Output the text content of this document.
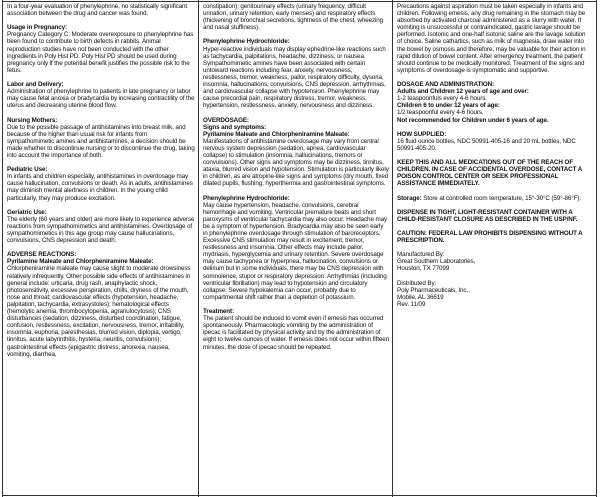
In a four-year evaluation of phenylephrine, no statistically significant association between the drug and cancer was found.

Usage in Pregnancy:

Pregnancy Category C: Moderate overexposure to phenylephrine has been found to contribute to birth defects in rabbits. Animal reproduction studies have not been conducted with the other ingredients in Poly Hist PD. Poly Hist PD should be used during pregnancy only if the potential benefit justifies the possible risk to the fetus.

Labor and Delivery:

Administration of phenylephrine to patients in late pregnancy or labor may cause fetal anoxia or bradycardia by increasing contractility of the uterus and decreasing uterine blood flow.

Nursing Mothers:

Due to the possible passage of antihistamines into breast milk, and because of the higher than usual risk for infants from sympathomimetic amines and antihistamines, a decision should be made whether to discontinue nursing or to discontinue the drug, taking into account the importance of both.

Pediatric Use:

In infants and children especially, antihistamines in overdosage may cause hallucination, convulsions or death. As in adults, antihistamines may diminish mental alertness in children. In the young child particularly, they may produce excitation.

Geriatric Use:

The elderly (60 years and older) are more likely to experience adverse reactions from sympathomimetics and antihistamines. Overdosage of sympathomimetics in this age group may cause hallucinations, convulsions, CNS depression and death.

ADVERSE REACTIONS:
Pyrilamine Maleate and Chlorpheniramine Maleate:

Chlorpheniramine maleate may cause slight to moderate drowsiness relatively infrequently. Other possible side effects of antihistamines in general include: urticaria, drug rash, anaphylactic shock, photosensitivity, excessive perspiration, chills, dryness of the mouth, nose and throat; cardiovascular effects (hypotension, headache, palpitation, tachycardia, extrasystoles); hematological effects (hemolytic anemia, thrombocytopenia, agranulocytosis); CNS disturbances (sedation, dizziness, disturbed coordination, fatigue, confusion, restlessness, excitation, nervousness, tremor, irritability, insomnia, euphoria, paresthesias, blurred vision, diplopia, vertigo, tinnitus, acute labyrinthitis, hysteria, neuritis, convulsions); gastrointestinal effects (epigastric distress, anorexia, nausea, vomiting, diarrhea,

constipation); genitourinary effects (urinary frequency, difficult urination, urinary retention, early menses) and respiratory effects (thickening of bronchial secretions, tightness of the chest, wheezing and nasal stuffiness).

Phenylephrine Hydrochloride:

Hyper-reactive individuals may display ephedrine-like reactions such as tachycardia, palpitations, headache, dizziness, or nausea. Sympathomimetic amines have been associated with certain untoward reactions including fear, anxiety, nervousness, restlessness, tremor, weakness, pallor, respiratory difficulty, dysuria, insomnia, hallucinations, convulsions, CNS depression, arrhythmias, and cardiovascular collapse with hypotension. Phenylephrine may cause precordial pain, respiratory distress, tremor, weakness, hypertension, restlessness, anxiety, nervousness and dizziness.

OVERDOSAGE:
Signs and symptoms:
Pyrilamine Maleate and Chlorpheniramine Maleate:

Manifestations of antihistamine overdosage may vary from central nervous system depression (sedation, apnea, cardiovascular collapse) to stimulation (insomnia, hallucinations, tremors or convulsions). Other signs and symptoms may be dizziness, tinnitus, ataxia, blurred vision and hypotension. Stimulation is particularly likely in children, as are atropine-like signs and symptoms (dry mouth, fixed dilated pupils, flushing, hyperthermia and gastrointestinal symptoms.

Phenylephrine Hydrochloride:

May cause hypertension, headache, convulsions, cerebral hemorrhage and vomiting. Ventricular premature beats and short paroxysms of ventricular tachycardia may also occur. Headache may be a symptom of hypertension. Bradycardia may also be seen early in phenylephrine overdosage through stimulation of baroreceptors. Excessive CNS stimulation may result in excitement, tremor, restlessness and insomnia. Other effects may include pallor, mydriasis, hyperglycemia and urinary retention. Severe overdosage may cause tachypnea or hyperpnea, hallucination, convulsions or delirium but in some individuals, there may be CNS depression with somnolence, stupor or respiratory depression. Arrhythmias (including ventricular fibrillation) may lead to hypotension and circulatory collapse. Severe hypokalemia can occur, probably due to compartmental shift rather than a depletion of potassium.

Treatment:

The patient should be induced to vomit even if emesis has occurred spontaneously. Pharmacologic vomiting by the administration of ipecac is facilitated by physical activity and by the administration of eight to twelve ounces of water. If emesis does not occur within fifteen minutes, the dose of ipecac should be repeated.

Precautions against aspiration must be taken especially in infants and children. Following emesis, any drug remaining in the stomach may be absorbed by activated charcoal administered as a slurry with water. If vomiting is unsuccessful or contraindicated, gastric lavage should be performed. Isotonic and one-half isotonic saline are the lavage solution of choice. Saline cathartics, such as milk of magnesia, draw water into the bowel by osmosis and therefore, may be valuable for their action in rapid dilution of bowel content. After emergency treatment, the patient should continue to be medically monitored. Treatment of the signs and symptoms of overdosage is symptomatic and supportive.

DOSAGE AND ADMINISTRATION:
Adults and Children 12 years of age and over:
1-2 teaspoonfuls every 4-6 hours.
Children 6 to under 12 years of age:
1/2 teaspoonful every 4-6 hours.

Not recommended for Children under 6 years of age.

HOW SUPPLIED:

16 fluid ounce bottles, NDC 50991-405-16 and 20 mL bottles, NDC 50991-405-20.

KEEP THIS AND ALL MEDICATIONS OUT OF THE REACH OF CHILDREN. IN CASE OF ACCIDENTAL OVERDOSE, CONTACT A POISON CONTROL CENTER OR SEEK PROFESSIONAL ASSISTANCE IMMEDIATELY.

Storage: Store at controlled room temperature, 15°-30°C (59°-86°F).

DISPENSE IN TIGHT, LIGHT-RESISTANT CONTAINER WITH A CHILD-RESISTANT CLOSURE AS DESCRIBED IN THE USP/NF.

CAUTION: FEDERAL LAW PROHIBITS DISPENSING WITHOUT A PRESCRIPTION.

Manufactured By:
Great Southern Laboratories,

Houston, TX 77099

Distributed By:
Poly Pharmaceuticals, Inc.,
Mobile, AL 36619
Rev. 11/09
